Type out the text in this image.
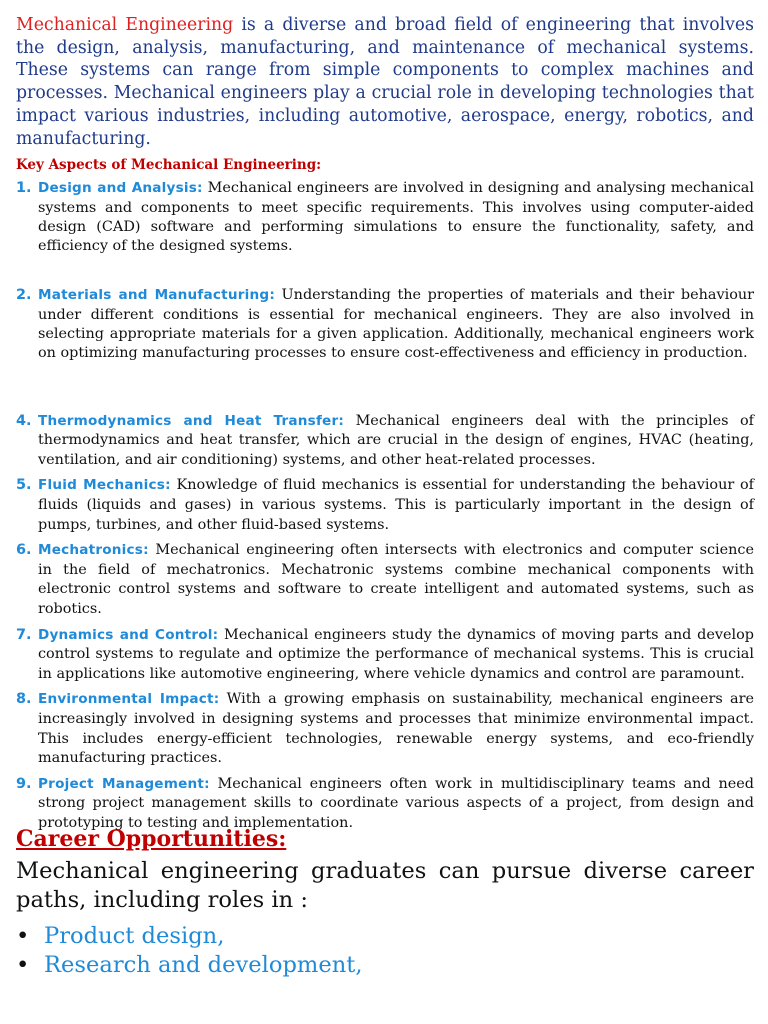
Mechanical Engineering is a diverse and broad field of engineering that involves the design, analysis, manufacturing, and maintenance of mechanical systems. These systems can range from simple components to complex machines and processes. Mechanical engineers play a crucial role in developing technologies that impact various industries, including automotive, aerospace, energy, robotics, and manufacturing.

Key Aspects of Mechanical Engineering:
1. Design and Analysis: Mechanical engineers are involved in designing and analysing mechanical systems and components to meet specific requirements. This involves using computer-aided design (CAD) software and performing simulations to ensure the functionality, safety, and efficiency of the designed systems.
2. Materials and Manufacturing: Understanding the properties of materials and their behaviour under different conditions is essential for mechanical engineers. They are also involved in selecting appropriate materials for a given application. Additionally, mechanical engineers work on optimizing manufacturing processes to ensure cost-effectiveness and efficiency in production.
4. Thermodynamics and Heat Transfer: Mechanical engineers deal with the principles of thermodynamics and heat transfer, which are crucial in the design of engines, HVAC (heating, ventilation, and air conditioning) systems, and other heat-related processes.
5. Fluid Mechanics: Knowledge of fluid mechanics is essential for understanding the behaviour of fluids (liquids and gases) in various systems. This is particularly important in the design of pumps, turbines, and other fluid-based systems.
6. Mechatronics: Mechanical engineering often intersects with electronics and computer science in the field of mechatronics. Mechatronic systems combine mechanical components with electronic control systems and software to create intelligent and automated systems, such as robotics.
7. Dynamics and Control: Mechanical engineers study the dynamics of moving parts and develop control systems to regulate and optimize the performance of mechanical systems. This is crucial in applications like automotive engineering, where vehicle dynamics and control are paramount.
8. Environmental Impact: With a growing emphasis on sustainability, mechanical engineers are increasingly involved in designing systems and processes that minimize environmental impact. This includes energy-efficient technologies, renewable energy systems, and eco-friendly manufacturing practices.
9. Project Management: Mechanical engineers often work in multidisciplinary teams and need strong project management skills to coordinate various aspects of a project, from design and prototyping to testing and implementation.
Career Opportunities:

Mechanical engineering graduates can pursue diverse career paths, including roles in :

• Product design,
• Research and development,
